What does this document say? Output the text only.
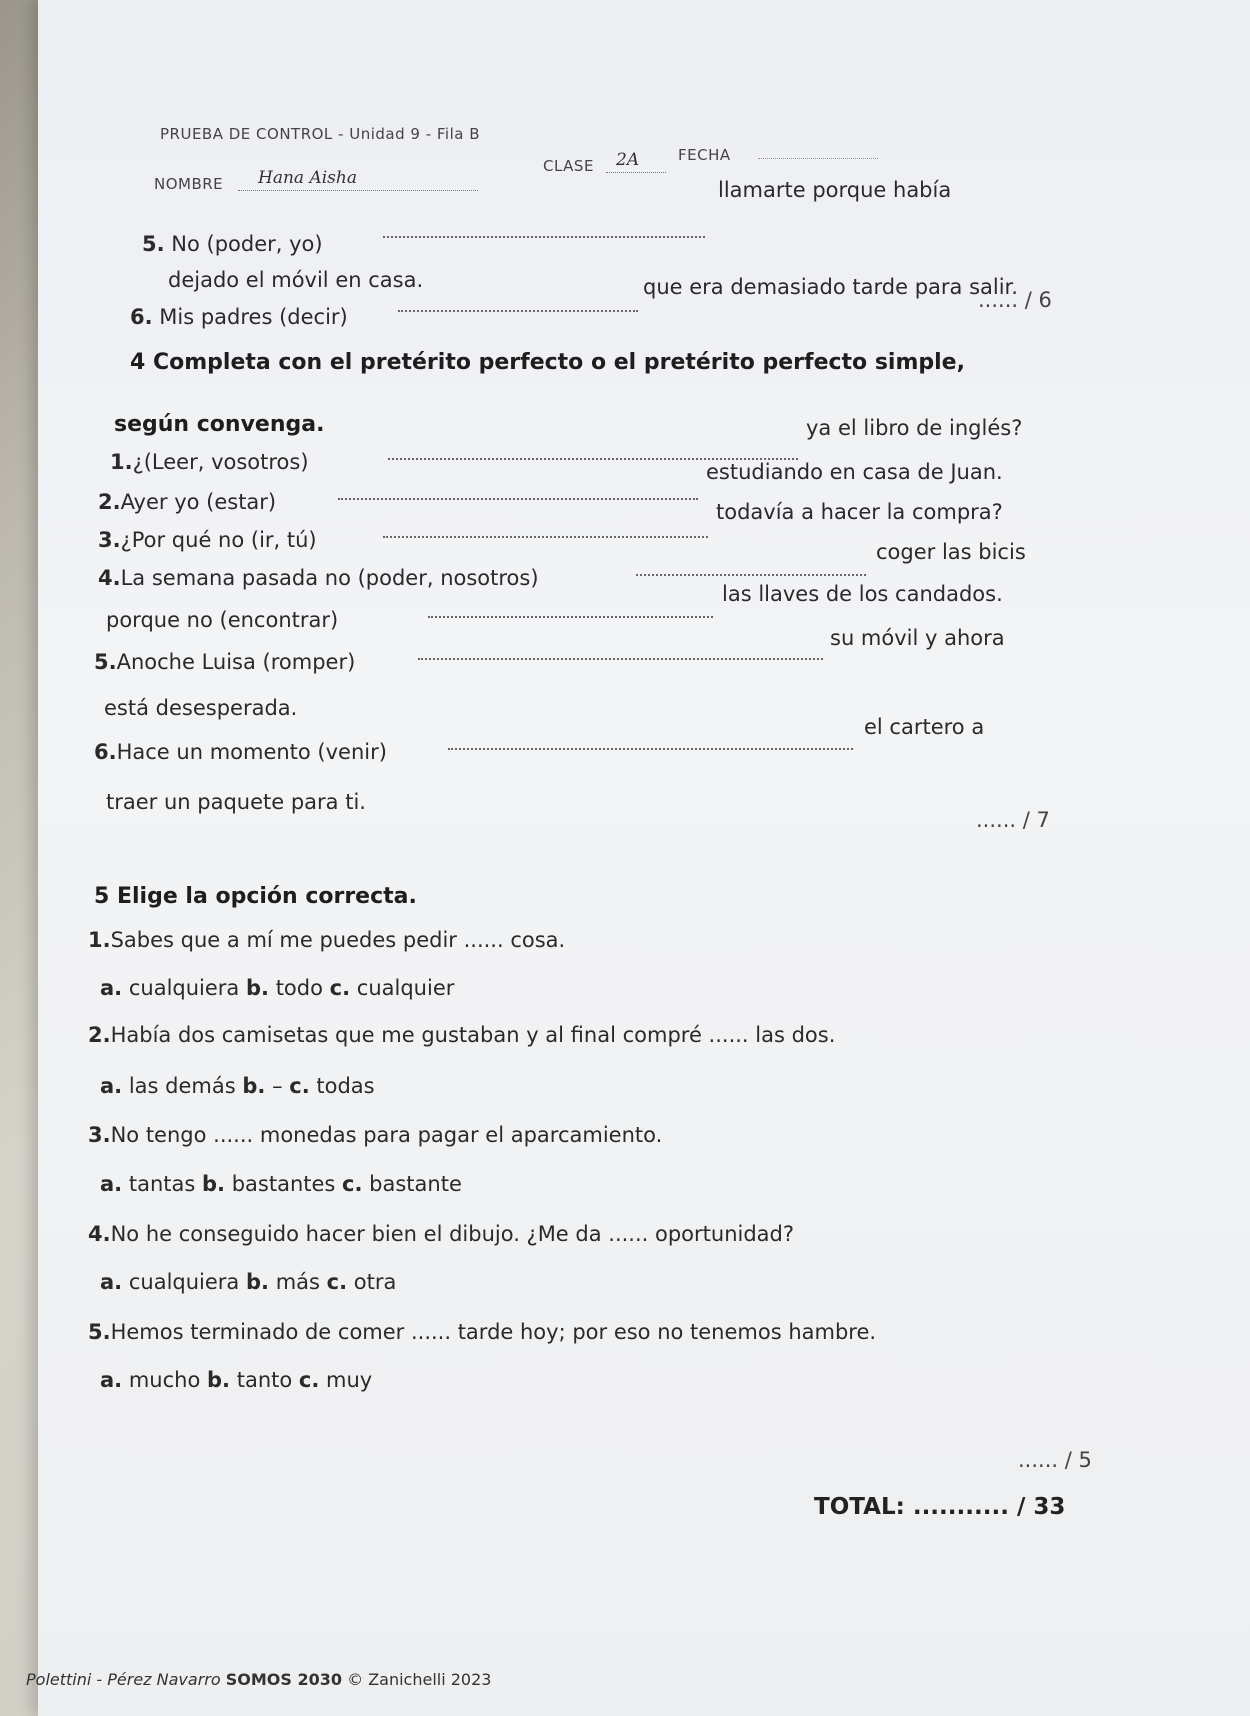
PRUEBA DE CONTROL - Unidad 9 - Fila B
NOMBRE	Hana Aisha
CLASE	2A	FECHA
5. No (poder, yo)
llamarte porque había
dejado el móvil en casa.
6. Mis padres (decir)
que era demasiado tarde para salir.
...... / 6
4 Completa con el pretérito perfecto o el pretérito perfecto simple,
según convenga.
1.¿(Leer, vosotros)
ya el libro de inglés?
2.Ayer yo (estar)
estudiando en casa de Juan.
3.¿Por qué no (ir, tú)
todavía a hacer la compra?
4.La semana pasada no (poder, nosotros)
coger las bicis
porque no (encontrar)
las llaves de los candados.
5.Anoche Luisa (romper)
su móvil y ahora
está desesperada.
6.Hace un momento (venir)
el cartero a
traer un paquete para ti.
...... / 7
5 Elige la opción correcta.
1.Sabes que a mí me puedes pedir ...... cosa.
a. cualquiera b. todo c. cualquier
2.Había dos camisetas que me gustaban y al final compré ...... las dos.
a. las demás b. – c. todas
3.No tengo ...... monedas para pagar el aparcamiento.
a. tantas b. bastantes c. bastante
4.No he conseguido hacer bien el dibujo. ¿Me da ...... oportunidad?
a. cualquiera b. más c. otra
5.Hemos terminado de comer ...... tarde hoy; por eso no tenemos hambre.
a. mucho b. tanto c. muy
...... / 5
TOTAL: ........... / 33
Polettini - Pérez Navarro SOMOS 2030 © Zanichelli 2023
